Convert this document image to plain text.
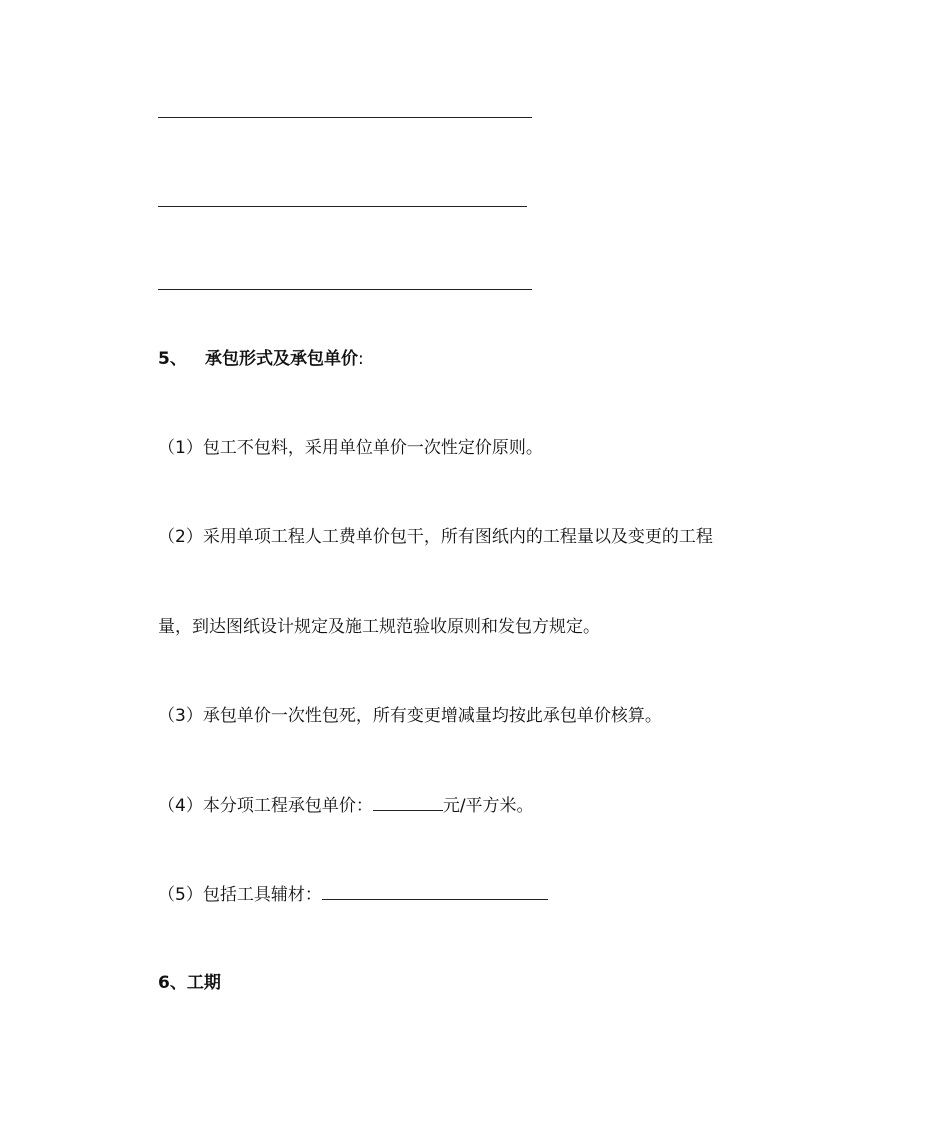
5、 承包形式及承包单价:
（1）包工不包料，采用单位单价一次性定价原则。
（2）采用单项工程人工费单价包干，所有图纸内的工程量以及变更的工程
量，到达图纸设计规定及施工规范验收原则和发包方规定。
（3）承包单价一次性包死，所有变更增减量均按此承包单价核算。
（4）本分项工程承包单价：	元/平方米。
（5）包括工具辅材：
6、工期
